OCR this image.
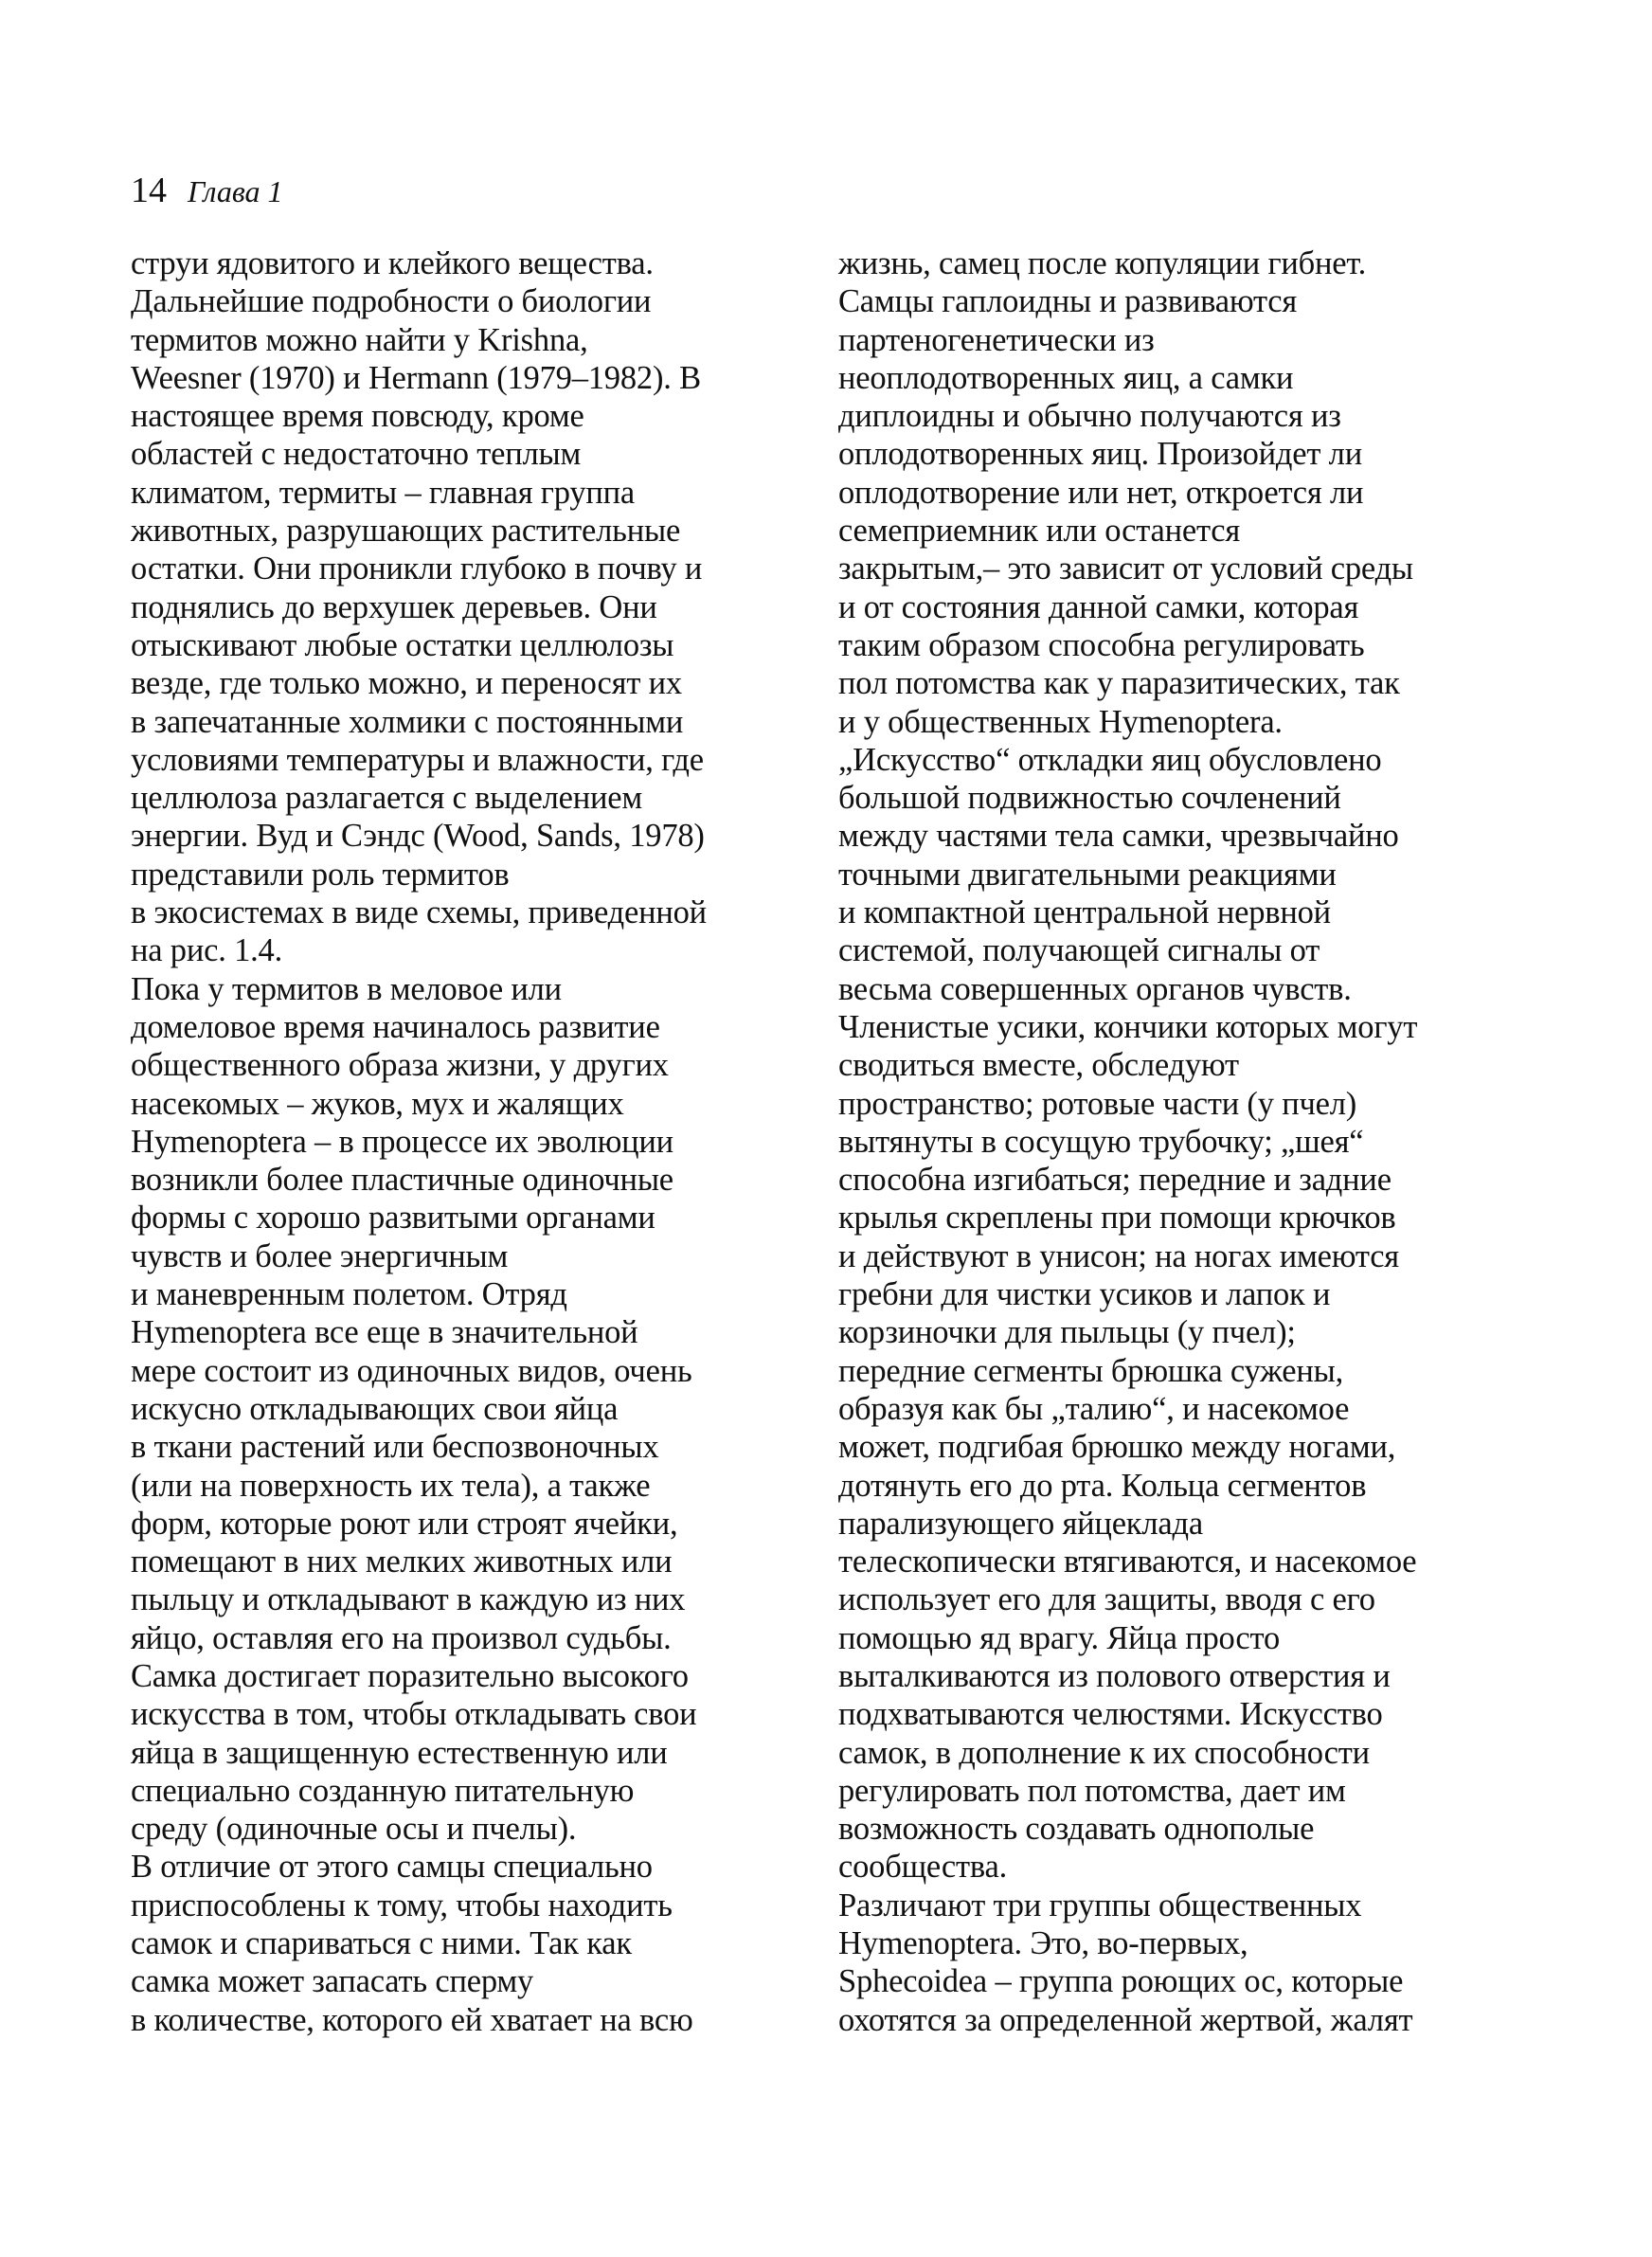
14 Глава 1
струи ядовитого и клейкого вещества.
Дальнейшие подробности о биологии
термитов можно найти у Krishna,
Weesner (1970) и Hermann (1979–1982). В
настоящее время повсюду, кроме
областей с недостаточно теплым
климатом, термиты – главная группа
животных, разрушающих растительные
остатки. Они проникли глубоко в почву и
поднялись до верхушек деревьев. Они
отыскивают любые остатки целлюлозы
везде, где только можно, и переносят их
в запечатанные холмики с постоянными
условиями температуры и влажности, где
целлюлоза разлагается с выделением
энергии. Вуд и Сэндс (Wood, Sands, 1978)
представили роль термитов
в экосистемах в виде схемы, приведенной
на рис. 1.4.
Пока у термитов в меловое или
домеловое время начиналось развитие
общественного образа жизни, у других
насекомых – жуков, мух и жалящих
Hymenoptera – в процессе их эволюции
возникли более пластичные одиночные
формы с хорошо развитыми органами
чувств и более энергичным
и маневренным полетом. Отряд
Hymenoptera все еще в значительной
мере состоит из одиночных видов, очень
искусно откладывающих свои яйца
в ткани растений или беспозвоночных
(или на поверхность их тела), а также
форм, которые роют или строят ячейки,
помещают в них мелких животных или
пыльцу и откладывают в каждую из них
яйцо, оставляя его на произвол судьбы.
Самка достигает поразительно высокого
искусства в том, чтобы откладывать свои
яйца в защищенную естественную или
специально созданную питательную
среду (одиночные осы и пчелы).
В отличие от этого самцы специально
приспособлены к тому, чтобы находить
самок и спариваться с ними. Так как
самка может запасать сперму
в количестве, которого ей хватает на всю
жизнь, самец после копуляции гибнет.
Самцы гаплоидны и развиваются
партеногенетически из
неоплодотворенных яиц, а самки
диплоидны и обычно получаются из
оплодотворенных яиц. Произойдет ли
оплодотворение или нет, откроется ли
семеприемник или останется
закрытым,– это зависит от условий среды
и от состояния данной самки, которая
таким образом способна регулировать
пол потомства как у паразитических, так
и у общественных Hymenoptera.
„Искусство“ откладки яиц обусловлено
большой подвижностью сочленений
между частями тела самки, чрезвычайно
точными двигательными реакциями
и компактной центральной нервной
системой, получающей сигналы от
весьма совершенных органов чувств.
Членистые усики, кончики которых могут
сводиться вместе, обследуют
пространство; ротовые части (у пчел)
вытянуты в сосущую трубочку; „шея“
способна изгибаться; передние и задние
крылья скреплены при помощи крючков
и действуют в унисон; на ногах имеются
гребни для чистки усиков и лапок и
корзиночки для пыльцы (у пчел);
передние сегменты брюшка сужены,
образуя как бы „талию“, и насекомое
может, подгибая брюшко между ногами,
дотянуть его до рта. Кольца сегментов
парализующего яйцеклада
телескопически втягиваются, и насекомое
использует его для защиты, вводя с его
помощью яд врагу. Яйца просто
выталкиваются из полового отверстия и
подхватываются челюстями. Искусство
самок, в дополнение к их способности
регулировать пол потомства, дает им
возможность создавать однополые
сообщества.
Различают три группы общественных
Hymenoptera. Это, во-первых,
Sphecoidea – группа роющих ос, которые
охотятся за определенной жертвой, жалят
